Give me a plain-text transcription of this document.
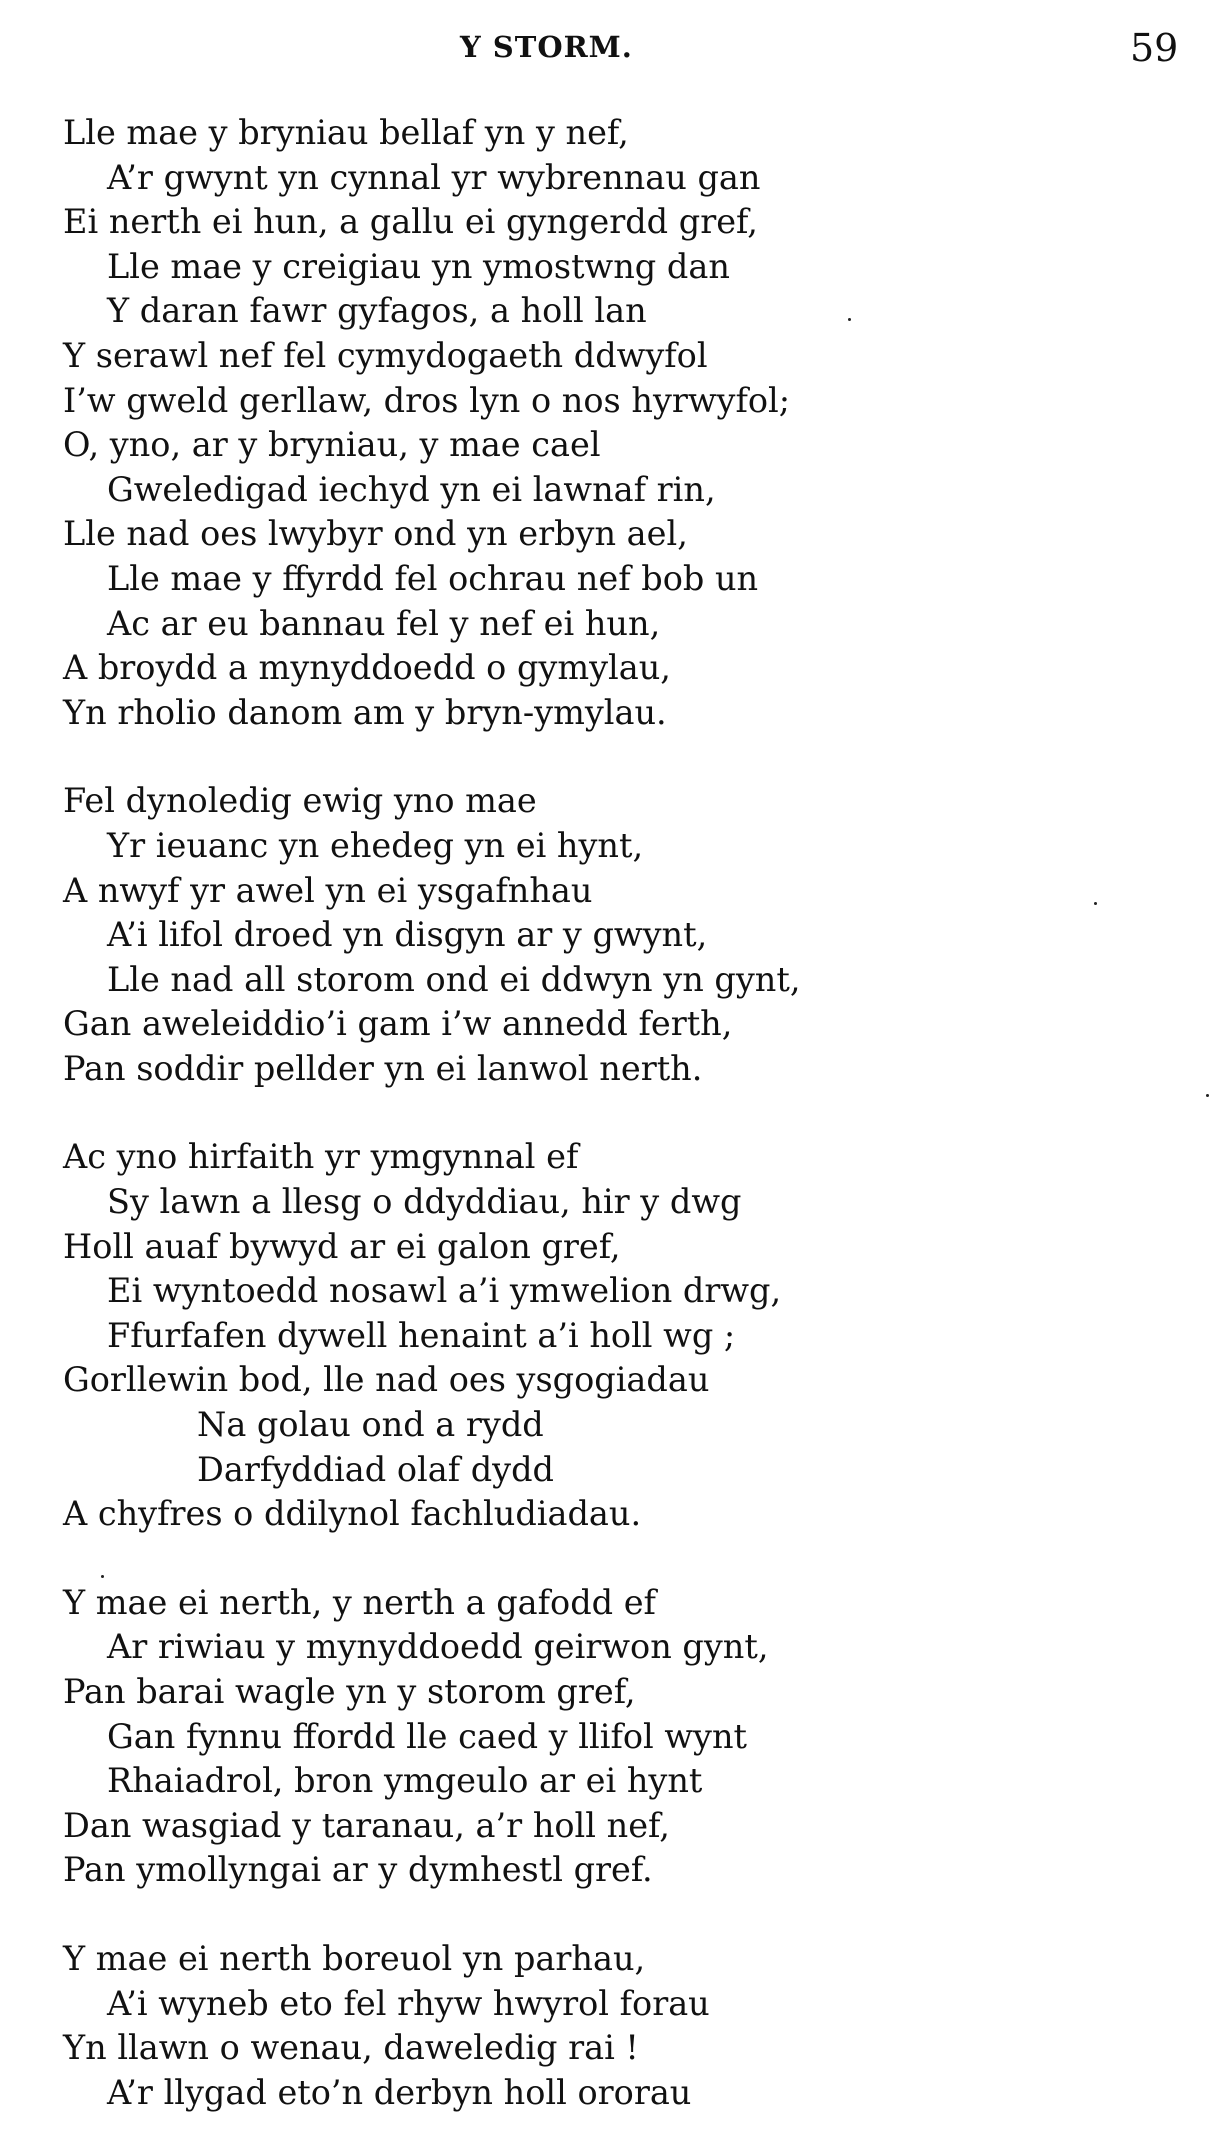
Y STORM.	59
Lle mae y bryniau bellaf yn y nef,
A’r gwynt yn cynnal yr wybrennau gan
Ei nerth ei hun, a gallu ei gyngerdd gref,
Lle mae y creigiau yn ymostwng dan
Y daran fawr gyfagos, a holl lan
Y serawl nef fel cymydogaeth ddwyfol
I’w gweld gerllaw, dros lyn o nos hyrwyfol;
O, yno, ar y bryniau, y mae cael
Gweledigad iechyd yn ei lawnaf rin,
Lle nad oes lwybyr ond yn erbyn ael,
Lle mae y ffyrdd fel ochrau nef bob un
Ac ar eu bannau fel y nef ei hun,
A broydd a mynyddoedd o gymylau,
Yn rholio danom am y bryn-ymylau.
Fel dynoledig ewig yno mae
Yr ieuanc yn ehedeg yn ei hynt,
A nwyf yr awel yn ei ysgafnhau
A’i lifol droed yn disgyn ar y gwynt,
Lle nad all storom ond ei ddwyn yn gynt,
Gan aweleiddio’i gam i’w annedd ferth,
Pan soddir pellder yn ei lanwol nerth.
Ac yno hirfaith yr ymgynnal ef
Sy lawn a llesg o ddyddiau, hir y dwg
Holl auaf bywyd ar ei galon gref,
Ei wyntoedd nosawl a’i ymwelion drwg,
Ffurfafen dywell henaint a’i holl wg ;
Gorllewin bod, lle nad oes ysgogiadau
Na golau ond a rydd
Darfyddiad olaf dydd
A chyfres o ddilynol fachludiadau.
Y mae ei nerth, y nerth a gafodd ef
Ar riwiau y mynyddoedd geirwon gynt,
Pan barai wagle yn y storom gref,
Gan fynnu ffordd lle caed y llifol wynt
Rhaiadrol, bron ymgeulo ar ei hynt
Dan wasgiad y taranau, a’r holl nef,
Pan ymollyngai ar y dymhestl gref.
Y mae ei nerth boreuol yn parhau,
A’i wyneb eto fel rhyw hwyrol forau
Yn llawn o wenau, daweledig rai !
A’r llygad eto’n derbyn holl ororau
